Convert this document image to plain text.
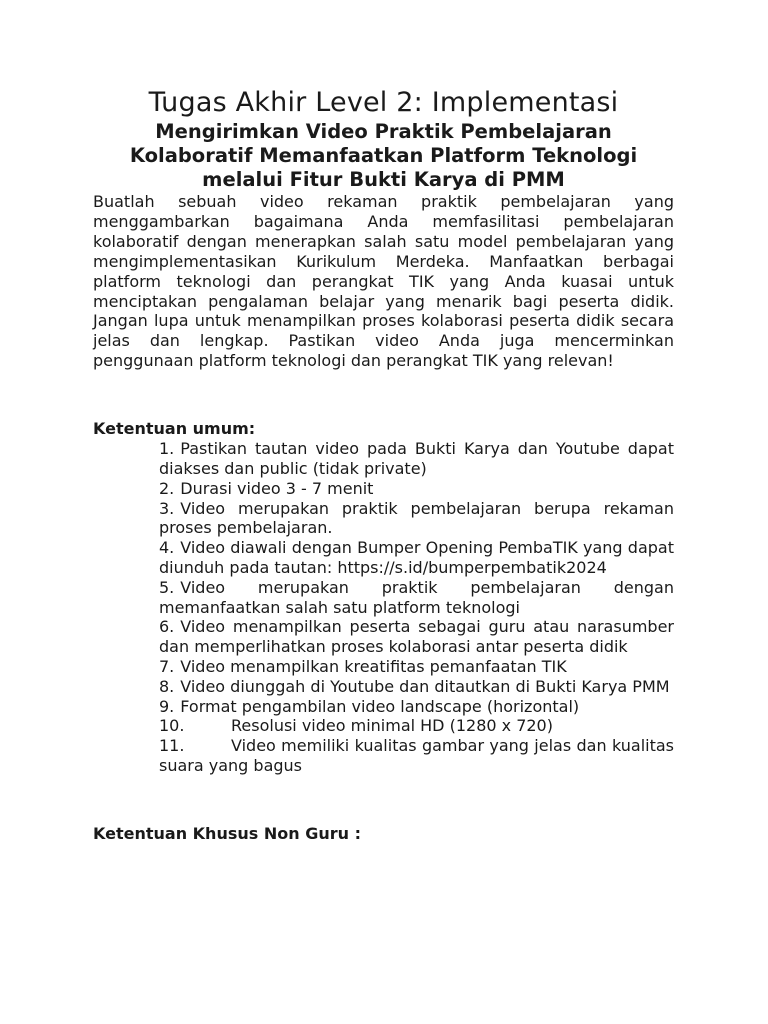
Tugas Akhir Level 2: Implementasi
Mengirimkan Video Praktik Pembelajaran Kolaboratif Memanfaatkan Platform Teknologi melalui Fitur Bukti Karya di PMM

Buatlah sebuah video rekaman praktik pembelajaran yang menggambarkan bagaimana Anda memfasilitasi pembelajaran kolaboratif dengan menerapkan salah satu model pembelajaran yang mengimplementasikan Kurikulum Merdeka. Manfaatkan berbagai platform teknologi dan perangkat TIK yang Anda kuasai untuk menciptakan pengalaman belajar yang menarik bagi peserta didik. Jangan lupa untuk menampilkan proses kolaborasi peserta didik secara jelas dan lengkap. Pastikan video Anda juga mencerminkan penggunaan platform teknologi dan perangkat TIK yang relevan!

Ketentuan umum:

1. Pastikan tautan video pada Bukti Karya dan Youtube dapat diakses dan public (tidak private)
2. Durasi video 3 - 7 menit
3. Video merupakan praktik pembelajaran berupa rekaman proses pembelajaran.
4. Video diawali dengan Bumper Opening PembaTIK yang dapat diunduh pada tautan: https://s.id/bumperpembatik2024
5. Video merupakan praktik pembelajaran dengan memanfaatkan salah satu platform teknologi
6. Video menampilkan peserta sebagai guru atau narasumber dan memperlihatkan proses kolaborasi antar peserta didik
7. Video menampilkan kreatifitas pemanfaatan TIK
8. Video diunggah di Youtube dan ditautkan di Bukti Karya PMM
9. Format pengambilan video landscape (horizontal)
10.	Resolusi video minimal HD (1280 x 720)
11.	Video memiliki kualitas gambar yang jelas dan kualitas suara yang bagus

Ketentuan Khusus Non Guru :
